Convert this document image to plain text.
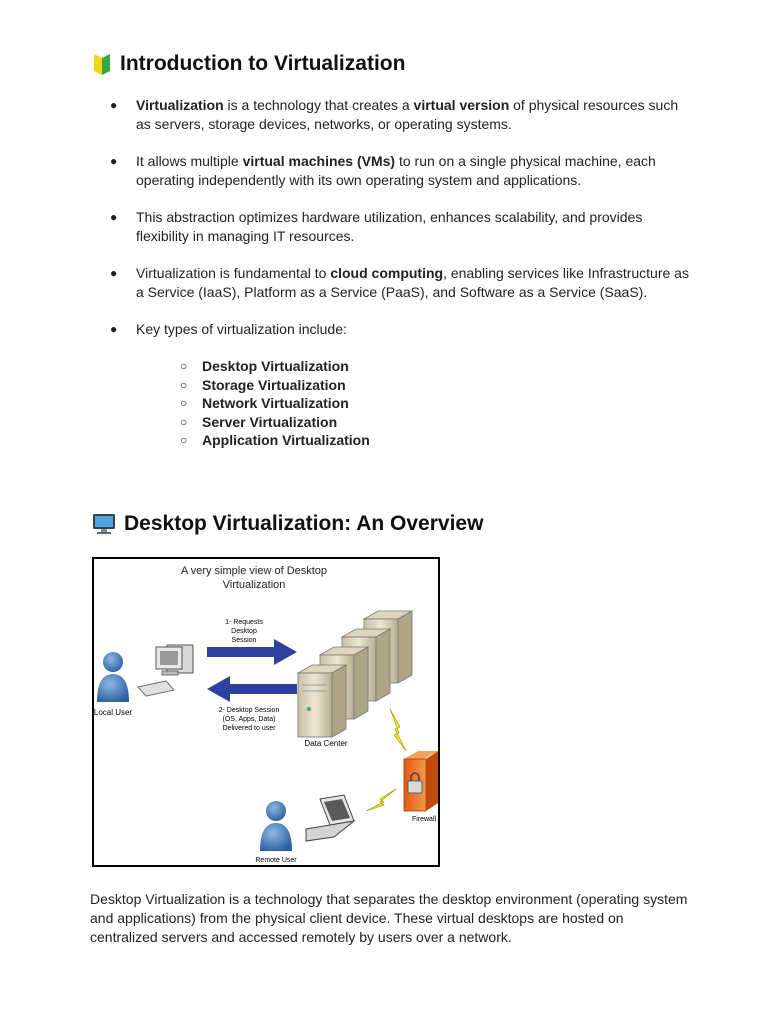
Introduction to Virtualization
● Virtualization is a technology that creates a virtual version of physical resources such as servers, storage devices, networks, or operating systems.
● It allows multiple virtual machines (VMs) to run on a single physical machine, each operating independently with its own operating system and applications.
● This abstraction optimizes hardware utilization, enhances scalability, and provides flexibility in managing IT resources.
● Virtualization is fundamental to cloud computing, enabling services like Infrastructure as a Service (IaaS), Platform as a Service (PaaS), and Software as a Service (SaaS).
● Key types of virtualization include:
○ Desktop Virtualization
○ Storage Virtualization
○ Network Virtualization
○ Server Virtualization
○ Application Virtualization
Desktop Virtualization: An Overview
A very simple view of Desktop
Virtualization
1- Requests
Desktop
Session
2- Desktop Session
(OS, Apps, Data)
Delivered to user
Local User
Data Center
Firewall
Remote User

Desktop Virtualization is a technology that separates the desktop environment (operating system and applications) from the physical client device. These virtual desktops are hosted on centralized servers and accessed remotely by users over a network.
